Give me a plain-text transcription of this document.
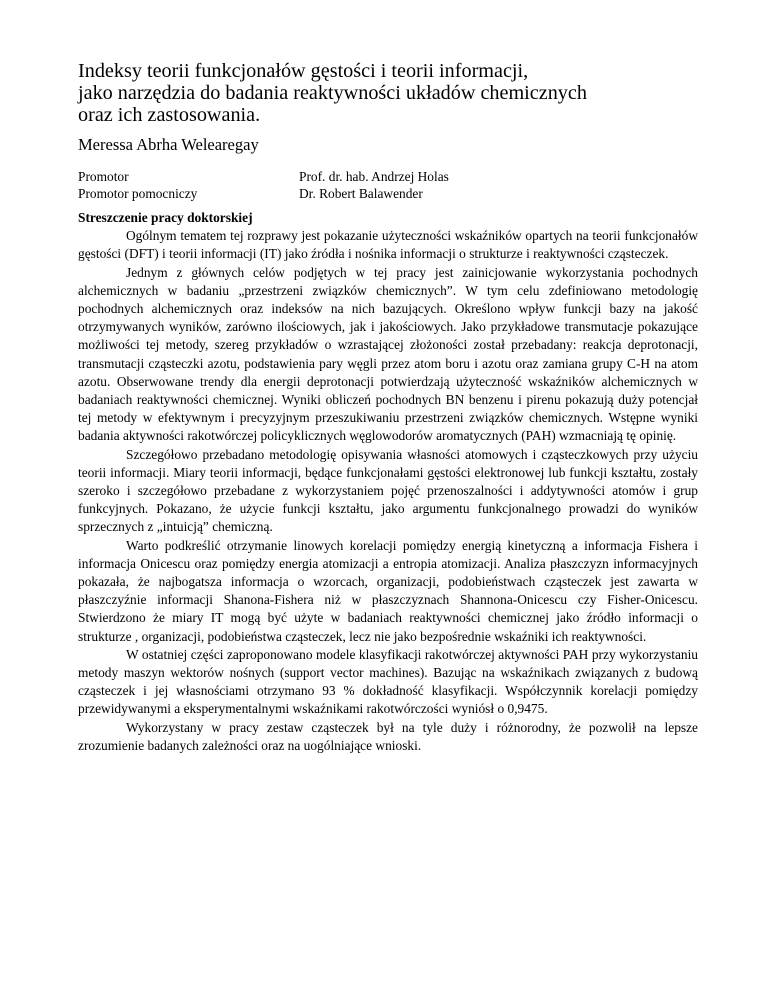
Indeksy teorii funkcjonałów gęstości i teorii informacji,
jako narzędzia do badania reaktywności układów chemicznych
oraz ich zastosowania.
Meressa Abrha Welearegay
Promotor
Promotor pomocniczy
Prof. dr. hab. Andrzej Holas
Dr. Robert Balawender
Streszczenie pracy doktorskiej

Ogólnym tematem tej rozprawy jest pokazanie użyteczności wskaźników opartych na teorii funkcjonałów gęstości (DFT) i teorii informacji (IT) jako źródła i nośnika informacji o strukturze i reaktywności cząsteczek.

Jednym z głównych celów podjętych w tej pracy jest zainicjowanie wykorzystania pochodnych alchemicznych w badaniu „przestrzeni związków chemicznych”. W tym celu zdefiniowano metodologię pochodnych alchemicznych oraz indeksów na nich bazujących. Określono wpływ funkcji bazy na jakość otrzymywanych wyników, zarówno ilościowych, jak i jakościowych. Jako przykładowe transmutacje pokazujące możliwości tej metody, szereg przykładów o wzrastającej złożoności został przebadany: reakcja deprotonacji, transmutacji cząsteczki azotu, podstawienia pary węgli przez atom boru i azotu oraz zamiana grupy C-H na atom azotu. Obserwowane trendy dla energii deprotonacji potwierdzają użyteczność wskaźników alchemicznych w badaniach reaktywności chemicznej. Wyniki obliczeń pochodnych BN benzenu i pirenu pokazują duży potencjał tej metody w efektywnym i precyzyjnym przeszukiwaniu przestrzeni związków chemicznych. Wstępne wyniki badania aktywności rakotwórczej policyklicznych węglowodorów aromatycznych (PAH) wzmacniają tę opinię.

Szczegółowo przebadano metodologię opisywania własności atomowych i cząsteczkowych przy użyciu teorii informacji. Miary teorii informacji, będące funkcjonałami gęstości elektronowej lub funkcji kształtu, zostały szeroko i szczegółowo przebadane z wykorzystaniem pojęć przenoszalności i addytywności atomów i grup funkcyjnych. Pokazano, że użycie funkcji kształtu, jako argumentu funkcjonalnego prowadzi do wyników sprzecznych z „intuicją” chemiczną.

Warto podkreślić otrzymanie linowych korelacji pomiędzy energią kinetyczną a informacja Fishera i informacja Onicescu oraz pomiędzy energia atomizacji a entropia atomizacji. Analiza płaszczyzn informacyjnych pokazała, że najbogatsza informacja o wzorcach, organizacji, podobieństwach cząsteczek jest zawarta w płaszczyźnie informacji Shanona-Fishera niż w płaszczyznach Shannona-Onicescu czy Fisher-Onicescu. Stwierdzono że miary IT mogą być użyte w badaniach reaktywności chemicznej jako źródło informacji o strukturze , organizacji, podobieństwa cząsteczek, lecz nie jako bezpośrednie wskaźniki ich reaktywności.

W ostatniej części zaproponowano modele klasyfikacji rakotwórczej aktywności PAH przy wykorzystaniu metody maszyn wektorów nośnych (support vector machines). Bazując na wskaźnikach związanych z budową cząsteczek i jej własnościami otrzymano 93 % dokładność klasyfikacji. Współczynnik korelacji pomiędzy przewidywanymi a eksperymentalnymi wskaźnikami rakotwórczości wyniósł o 0,9475.

Wykorzystany w pracy zestaw cząsteczek był na tyle duży i różnorodny, że pozwolił na lepsze zrozumienie badanych zależności oraz na uogólniające wnioski.
